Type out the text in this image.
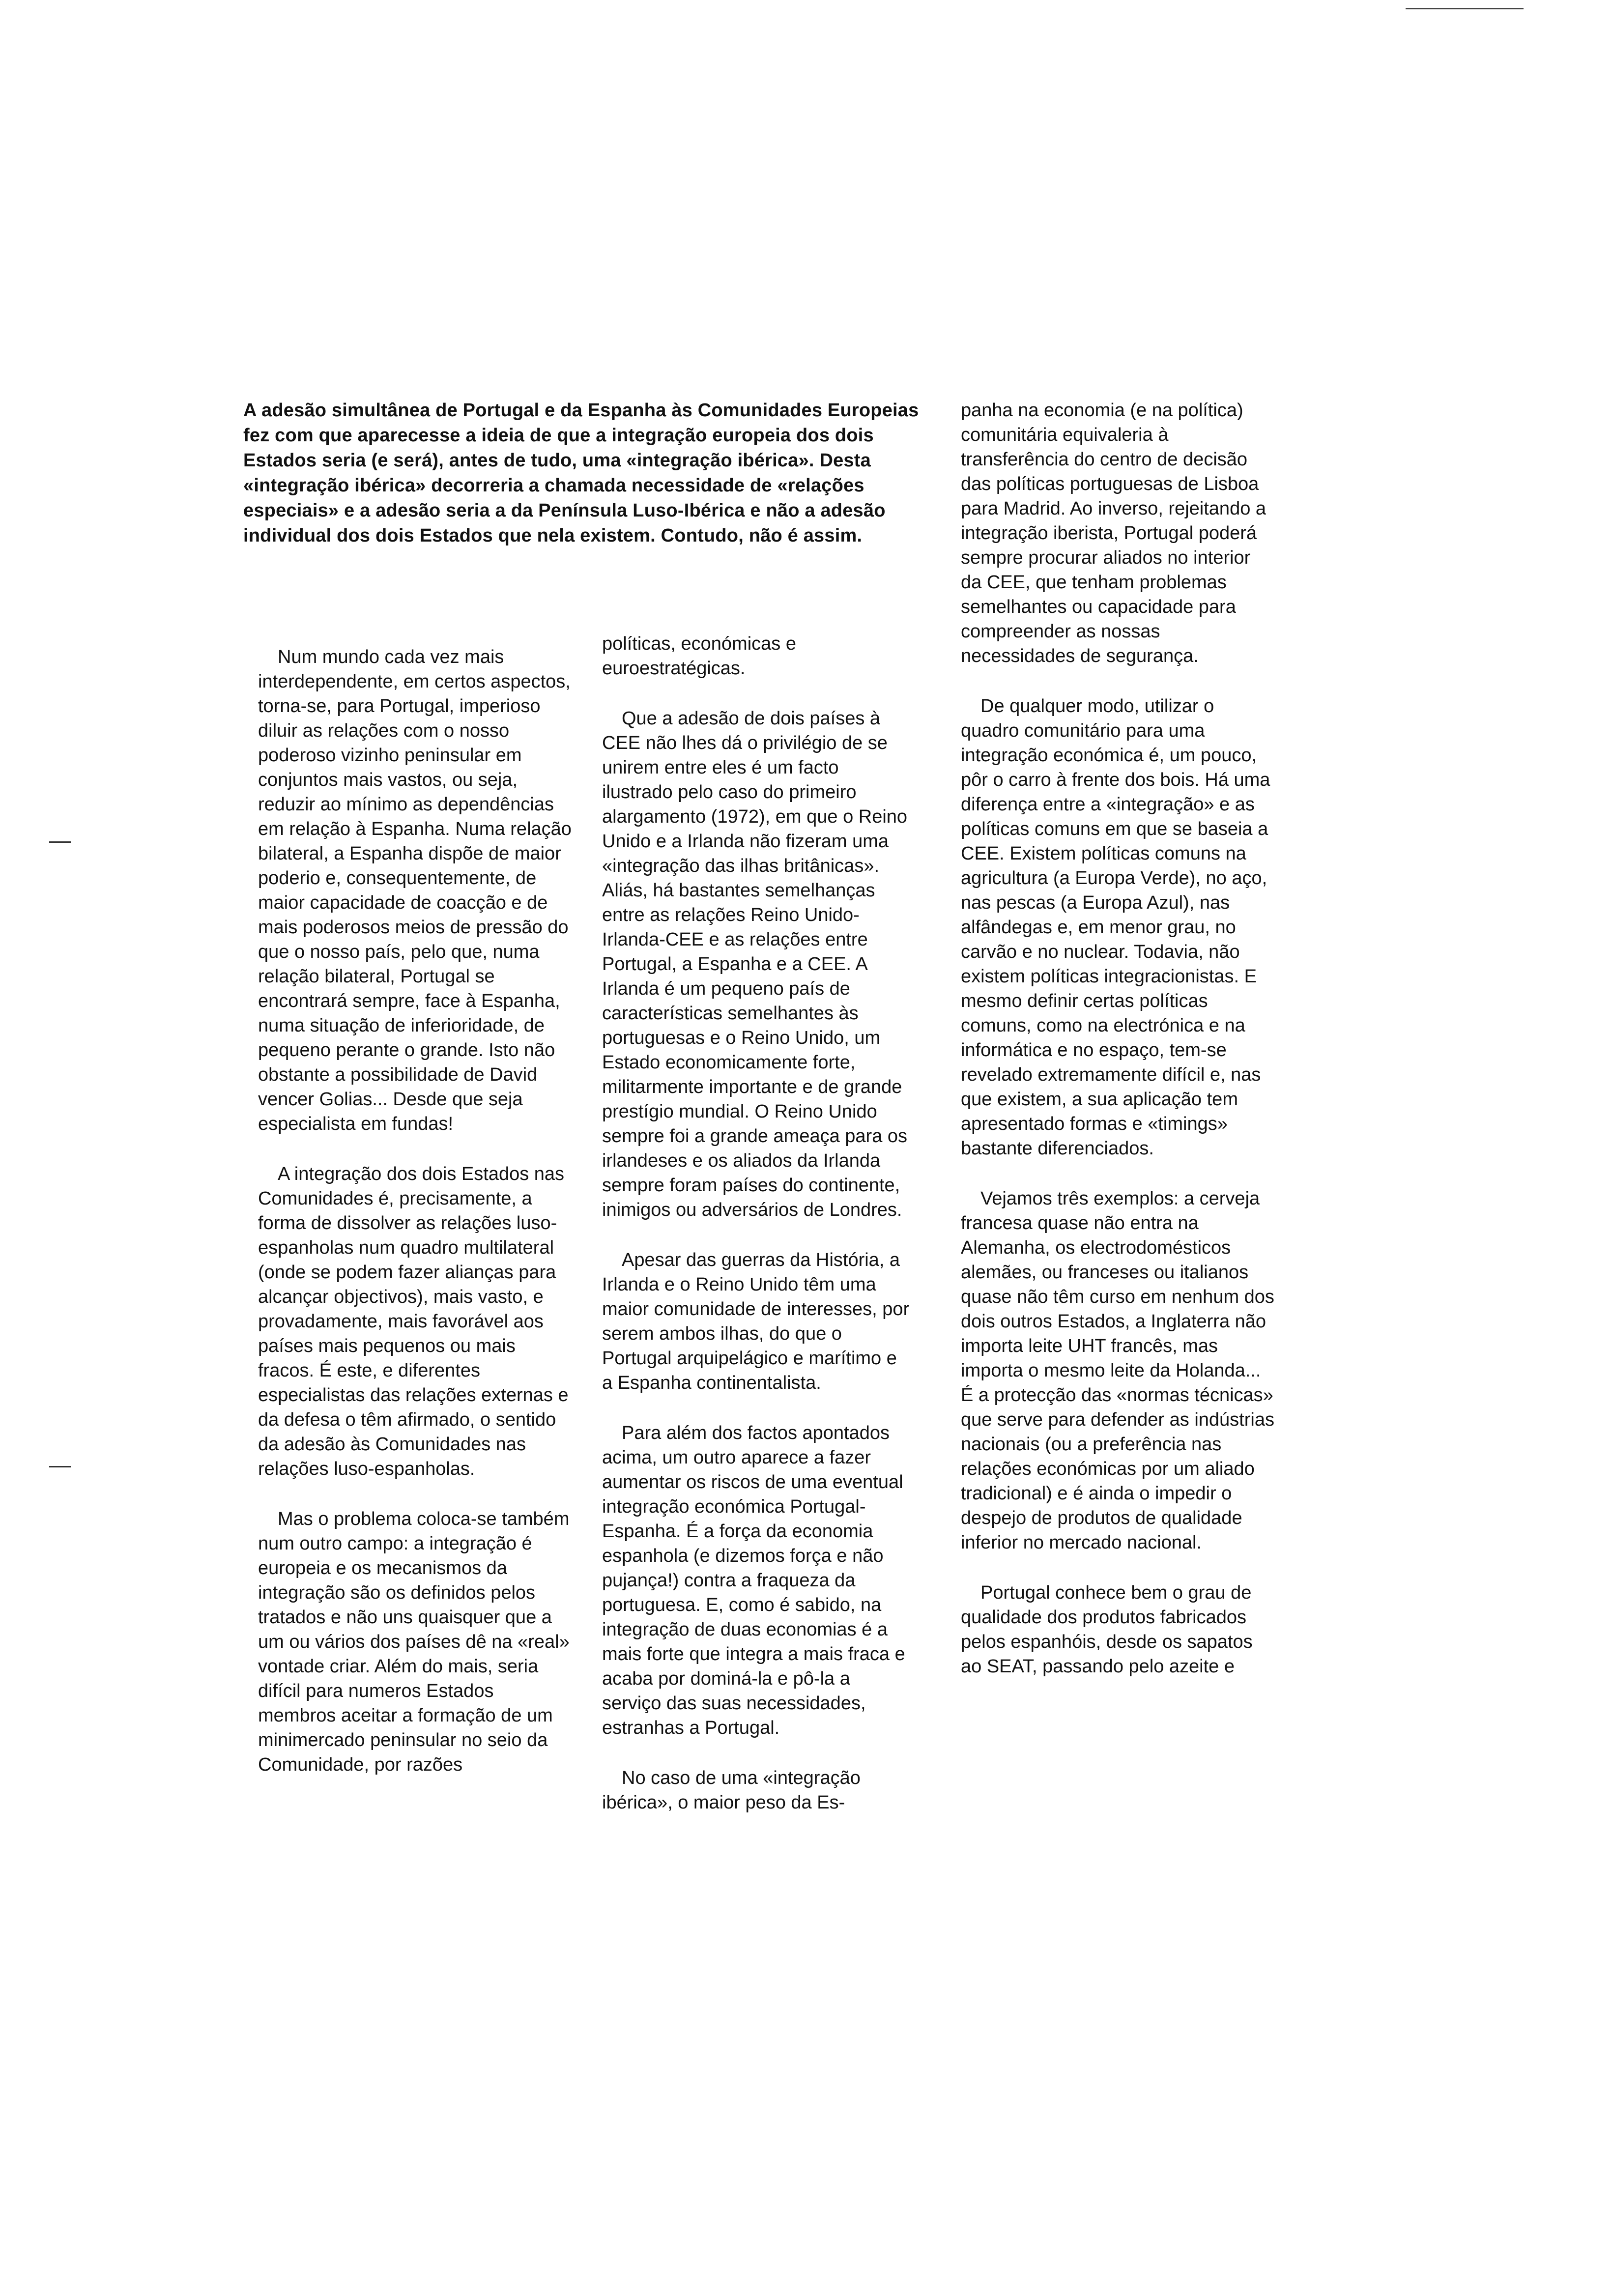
A adesão simultânea de Portugal e da Espanha às Comunidades Europeias fez com que aparecesse a ideia de que a integração europeia dos dois Estados seria (e será), antes de tudo, uma «integração ibérica». Desta «integração ibérica» decorreria a chamada necessidade de «relações especiais» e a adesão seria a da Península Luso-Ibérica e não a adesão individual dos dois Estados que nela existem. Contudo, não é assim.

Num mundo cada vez mais interdependente, em certos aspectos, torna-se, para Portugal, imperioso diluir as relações com o nosso poderoso vizinho peninsular em conjuntos mais vastos, ou seja, reduzir ao mínimo as dependências em relação à Espanha. Numa relação bilateral, a Espanha dispõe de maior poderio e, consequentemente, de maior capacidade de coacção e de mais poderosos meios de pressão do que o nosso país, pelo que, numa relação bilateral, Portugal se encontrará sempre, face à Espanha, numa situação de inferioridade, de pequeno perante o grande. Isto não obstante a possibilidade de David vencer Golias... Desde que seja especialista em fundas!

A integração dos dois Estados nas Comunidades é, precisamente, a forma de dissolver as relações luso-espanholas num quadro multilateral (onde se podem fazer alianças para alcançar objectivos), mais vasto, e provadamente, mais favorável aos países mais pequenos ou mais fracos. É este, e diferentes especialistas das relações externas e da defesa o têm afirmado, o sentido da adesão às Comunidades nas relações luso-espanholas.

Mas o problema coloca-se também num outro campo: a integração é europeia e os mecanismos da integração são os definidos pelos tratados e não uns quaisquer que a um ou vários dos países dê na «real» vontade criar. Além do mais, seria difícil para numeros Estados membros aceitar a formação de um minimercado peninsular no seio da Comunidade, por razões

políticas, económicas e euroestratégicas.

Que a adesão de dois países à CEE não lhes dá o privilégio de se unirem entre eles é um facto ilustrado pelo caso do primeiro alargamento (1972), em que o Reino Unido e a Irlanda não fizeram uma «integração das ilhas britânicas». Aliás, há bastantes semelhanças entre as relações Reino Unido-Irlanda-CEE e as relações entre Portugal, a Espanha e a CEE. A Irlanda é um pequeno país de características semelhantes às portuguesas e o Reino Unido, um Estado economicamente forte, militarmente importante e de grande prestígio mundial. O Reino Unido sempre foi a grande ameaça para os irlandeses e os aliados da Irlanda sempre foram países do continente, inimigos ou adversários de Londres.

Apesar das guerras da História, a Irlanda e o Reino Unido têm uma maior comunidade de interesses, por serem ambos ilhas, do que o Portugal arquipelágico e marítimo e a Espanha continentalista.

Para além dos factos apontados acima, um outro aparece a fazer aumentar os riscos de uma eventual integração económica Portugal-Espanha. É a força da economia espanhola (e dizemos força e não pujança!) contra a fraqueza da portuguesa. E, como é sabido, na integração de duas economias é a mais forte que integra a mais fraca e acaba por dominá-la e pô-la a serviço das suas necessidades, estranhas a Portugal.

No caso de uma «integração ibérica», o maior peso da Es-

panha na economia (e na política) comunitária equivaleria à transferência do centro de decisão das políticas portuguesas de Lisboa para Madrid. Ao inverso, rejeitando a integração iberista, Portugal poderá sempre procurar aliados no interior da CEE, que tenham problemas semelhantes ou capacidade para compreender as nossas necessidades de segurança.

De qualquer modo, utilizar o quadro comunitário para uma integração económica é, um pouco, pôr o carro à frente dos bois. Há uma diferença entre a «integração» e as políticas comuns em que se baseia a CEE. Existem políticas comuns na agricultura (a Europa Verde), no aço, nas pescas (a Europa Azul), nas alfândegas e, em menor grau, no carvão e no nuclear. Todavia, não existem políticas integracionistas. E mesmo definir certas políticas comuns, como na electrónica e na informática e no espaço, tem-se revelado extremamente difícil e, nas que existem, a sua aplicação tem apresentado formas e «timings» bastante diferenciados.

Vejamos três exemplos: a cerveja francesa quase não entra na Alemanha, os electrodomésticos alemães, ou franceses ou italianos quase não têm curso em nenhum dos dois outros Estados, a Inglaterra não importa leite UHT francês, mas importa o mesmo leite da Holanda... É a protecção das «normas técnicas» que serve para defender as indústrias nacionais (ou a preferência nas relações económicas por um aliado tradicional) e é ainda o impedir o despejo de produtos de qualidade inferior no mercado nacional.

Portugal conhece bem o grau de qualidade dos produtos fabricados pelos espanhóis, desde os sapatos ao SEAT, passando pelo azeite e
